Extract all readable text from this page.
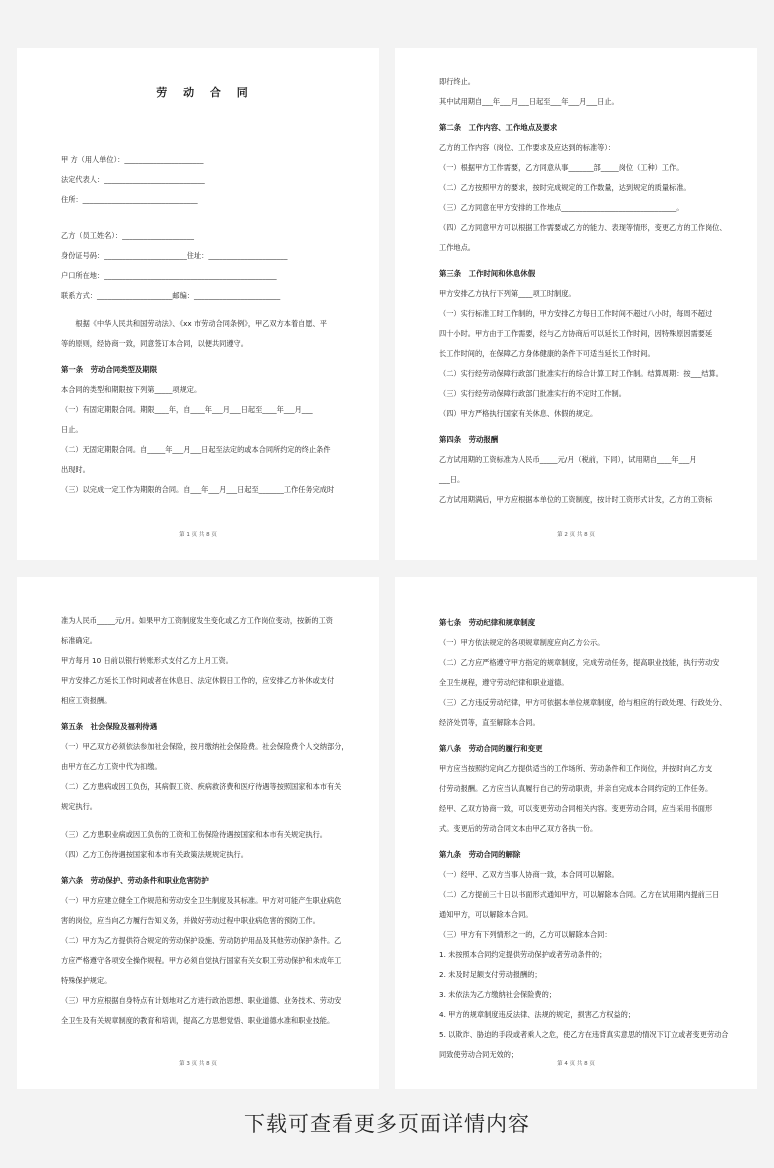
劳 动 合 同
甲 方（用人单位）：______________________
法定代表人：____________________________
住所：________________________________
乙方（员工姓名）：____________________
身份证号码：_______________________住址：______________________
户口所在地：________________________________________________
联系方式：_____________________邮编：________________________
　　根据《中华人民共和国劳动法》、《xx 市劳动合同条例》，甲乙双方本着自愿、平
等的原则，经协商一致，同意签订本合同，以便共同遵守。
第一条　劳动合同类型及期限
本合同的类型和期限按下列第_____项规定。
（一）有固定期限合同。期限____年，自____年___月___日起至____年___月___
日止。
（二）无固定期限合同。自_____年___月___日起至法定的或本合同所约定的终止条件
出现时。
（三）以完成一定工作为期限的合同。自___年___月___日起至_______工作任务完成时
第 1 页 共 8 页
即行终止。
其中试用期自___年___月___日起至___年___月___日止。
第二条　工作内容、工作地点及要求
乙方的工作内容（岗位、工作要求及应达到的标准等）：
（一）根据甲方工作需要，乙方同意从事_______部_____岗位（工种）工作。
（二）乙方按照甲方的要求，按时完成规定的工作数量，达到规定的质量标准。
（三）乙方同意在甲方安排的工作地点________________________________。
（四）乙方同意甲方可以根据工作需要或乙方的能力、表现等情形，变更乙方的工作岗位、
工作地点。
第三条　工作时间和休息休假
甲方安排乙方执行下列第____项工时制度。
（一）实行标准工时工作制的，甲方安排乙方每日工作时间不超过八小时，每周不超过
四十小时。甲方由于工作需要，经与乙方协商后可以延长工作时间，因特殊原因需要延
长工作时间的，在保障乙方身体健康的条件下可适当延长工作时间。
（二）实行经劳动保障行政部门批准实行的综合计算工时工作制。结算周期：按___结算。
（三）实行经劳动保障行政部门批准实行的不定时工作制。
（四）甲方严格执行国家有关休息、休假的规定。
第四条　劳动报酬
乙方试用期的工资标准为人民币_____元/月（税前，下同），试用期自____年___月
___日。
乙方试用期满后，甲方应根据本单位的工资制度，按计时工资形式计发，乙方的工资标
第 2 页 共 8 页
准为人民币_____元/月。如果甲方工资制度发生变化或乙方工作岗位变动，按新的工资
标准确定。
甲方每月 10 日前以银行转账形式支付乙方上月工资。
甲方安排乙方延长工作时间或者在休息日、法定休假日工作的，应安排乙方补休或支付
相应工资报酬。
第五条　社会保险及福利待遇
（一）甲乙双方必须依法参加社会保险，按月缴纳社会保险费。社会保险费个人交纳部分，
由甲方在乙方工资中代为扣缴。
（二）乙方患病或因工负伤，其病假工资、疾病救济费和医疗待遇等按照国家和本市有关
规定执行。
（三）乙方患职业病或因工负伤的工资和工伤保险待遇按国家和本市有关规定执行。
（四）乙方工伤待遇按国家和本市有关政策法规规定执行。
第六条　劳动保护、劳动条件和职业危害防护
（一）甲方应建立健全工作规范和劳动安全卫生制度及其标准。甲方对可能产生职业病危
害的岗位，应当向乙方履行告知义务，并做好劳动过程中职业病危害的预防工作。
（二）甲方为乙方提供符合规定的劳动保护设施、劳动防护用品及其他劳动保护条件。乙
方应严格遵守各项安全操作规程。甲方必须自觉执行国家有关女职工劳动保护和未成年工
特殊保护规定。
（三）甲方应根据自身特点有计划地对乙方进行政治思想、职业道德、业务技术、劳动安
全卫生及有关规章制度的教育和培训，提高乙方思想觉悟、职业道德水准和职业技能。
第 3 页 共 8 页
第七条　劳动纪律和规章制度
（一）甲方依法规定的各项规章制度应向乙方公示。
（二）乙方应严格遵守甲方指定的规章制度，完成劳动任务，提高职业技能，执行劳动安
全卫生规程，遵守劳动纪律和职业道德。
（三）乙方违反劳动纪律，甲方可依据本单位规章制度，给与相应的行政处理、行政处分、
经济处罚等，直至解除本合同。
第八条　劳动合同的履行和变更
甲方应当按照约定向乙方提供适当的工作场所、劳动条件和工作岗位，并按时向乙方支
付劳动报酬。乙方应当认真履行自己的劳动职责，并亲自完成本合同约定的工作任务。
经甲、乙双方协商一致，可以变更劳动合同相关内容。变更劳动合同，应当采用书面形
式。变更后的劳动合同文本由甲乙双方各执一份。
第九条　劳动合同的解除
（一）经甲、乙双方当事人协商一致，本合同可以解除。
（二）乙方提前三十日以书面形式通知甲方，可以解除本合同。乙方在试用期内提前三日
通知甲方，可以解除本合同。
（三）甲方有下列情形之一的，乙方可以解除本合同：
1. 未按照本合同约定提供劳动保护或者劳动条件的；
2. 未及时足额支付劳动报酬的；
3. 未依法为乙方缴纳社会保险费的；
4. 甲方的规章制度违反法律、法规的规定，损害乙方权益的；
5. 以欺诈、胁迫的手段或者乘人之危，使乙方在违背真实意思的情况下订立或者变更劳动合
同致使劳动合同无效的；
第 4 页 共 8 页
下载可查看更多页面详情内容
